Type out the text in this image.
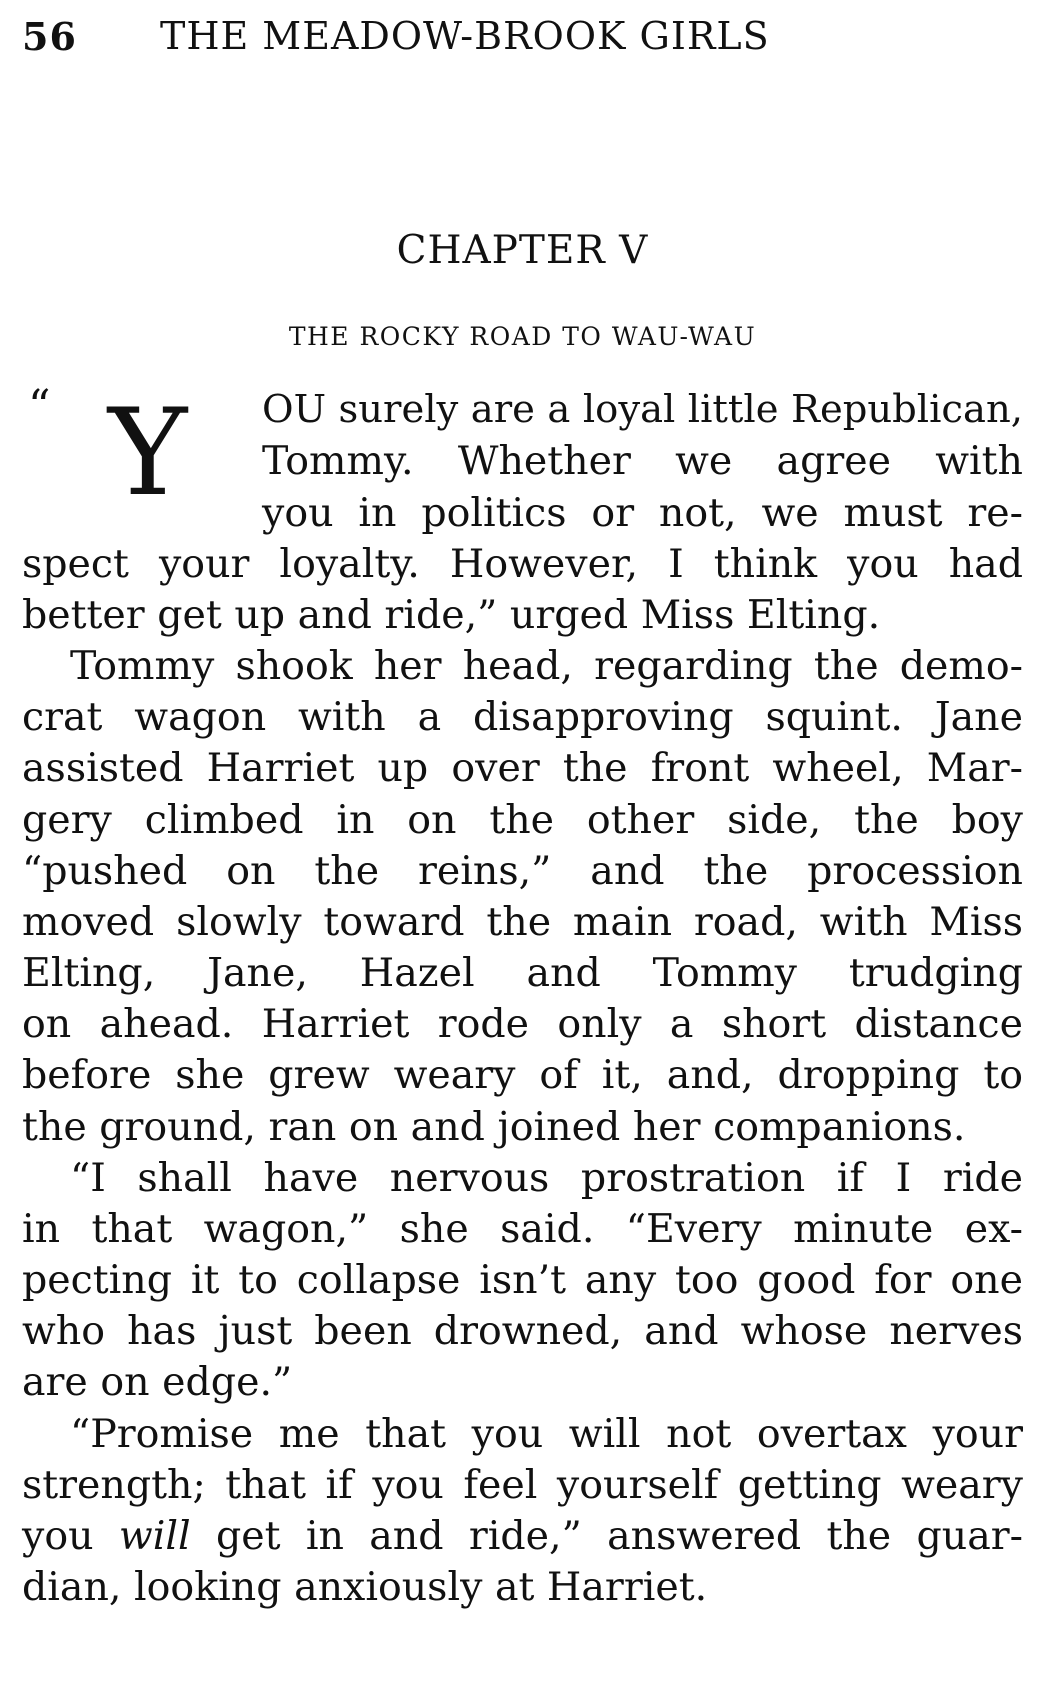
56 THE MEADOW-BROOK GIRLS
CHAPTER V
THE ROCKY ROAD TO WAU-WAU
“ Y OU surely are a loyal little Republican,
Tommy. Whether we agree with
you in politics or not, we must re-
spect your loyalty. However, I think you had
better get up and ride,” urged Miss Elting.
Tommy shook her head, regarding the demo-
crat wagon with a disapproving squint. Jane
assisted Harriet up over the front wheel, Mar-
gery climbed in on the other side, the boy
“pushed on the reins,” and the procession
moved slowly toward the main road, with Miss
Elting, Jane, Hazel and Tommy trudging
on ahead. Harriet rode only a short distance
before she grew weary of it, and, dropping to
the ground, ran on and joined her companions.
“I shall have nervous prostration if I ride
in that wagon,” she said. “Every minute ex-
pecting it to collapse isn’t any too good for one
who has just been drowned, and whose nerves
are on edge.”
“Promise me that you will not overtax your
strength; that if you feel yourself getting weary
you will get in and ride,” answered the guar-
dian, looking anxiously at Harriet.
